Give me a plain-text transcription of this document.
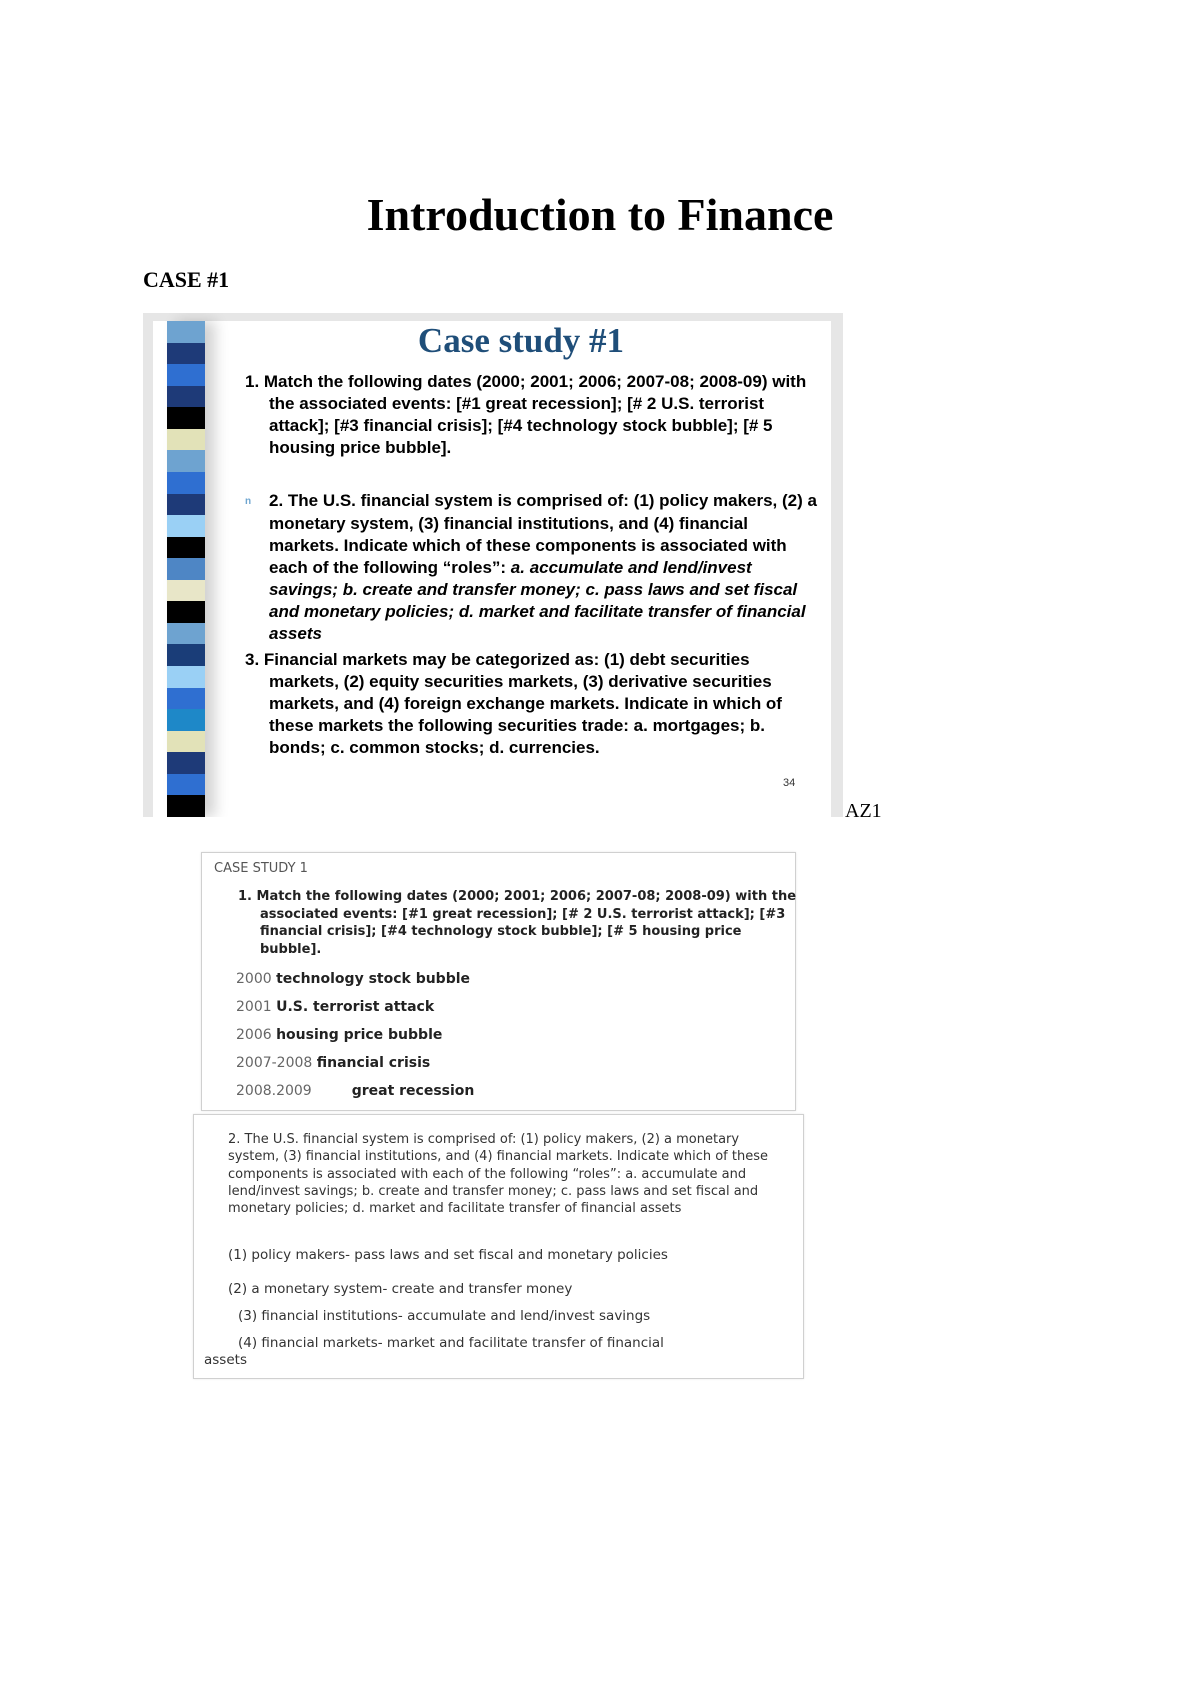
Introduction to Finance
CASE #1
Case study #1

1. Match the following dates (2000; 2001; 2006; 2007-08; 2008-09) with the associated events: [#1 great recession]; [# 2 U.S. terrorist attack]; [#3 financial crisis]; [#4 technology stock bubble]; [# 5 housing price bubble].

n 2. The U.S. financial system is comprised of: (1) policy makers, (2) a monetary system, (3) financial institutions, and (4) financial markets. Indicate which of these components is associated with each of the following “roles”: a. accumulate and lend/invest savings; b. create and transfer money; c. pass laws and set fiscal and monetary policies; d. market and facilitate transfer of financial assets

3. Financial markets may be categorized as: (1) debt securities markets, (2) equity securities markets, (3) derivative securities markets, and (4) foreign exchange markets. Indicate in which of these markets the following securities trade: a. mortgages; b. bonds; c. common stocks; d. currencies.

34
AZ1
CASE STUDY 1
1. Match the following dates (2000; 2001; 2006; 2007-08; 2008-09) with the associated events: [#1 great recession]; [# 2 U.S. terrorist attack]; [#3 financial crisis]; [#4 technology stock bubble]; [# 5 housing price bubble].
2000 technology stock bubble
2001 U.S. terrorist attack
2006 housing price bubble
2007-2008 financial crisis
2008.2009	great recession
2. The U.S. financial system is comprised of: (1) policy makers, (2) a monetary system, (3) financial institutions, and (4) financial markets. Indicate which of these components is associated with each of the following “roles”: a. accumulate and lend/invest savings; b. create and transfer money; c. pass laws and set fiscal and monetary policies; d. market and facilitate transfer of financial assets
(1) policy makers- pass laws and set fiscal and monetary policies
(2) a monetary system- create and transfer money
(3) financial institutions- accumulate and lend/invest savings
(4) financial markets- market and facilitate transfer of financial
assets
